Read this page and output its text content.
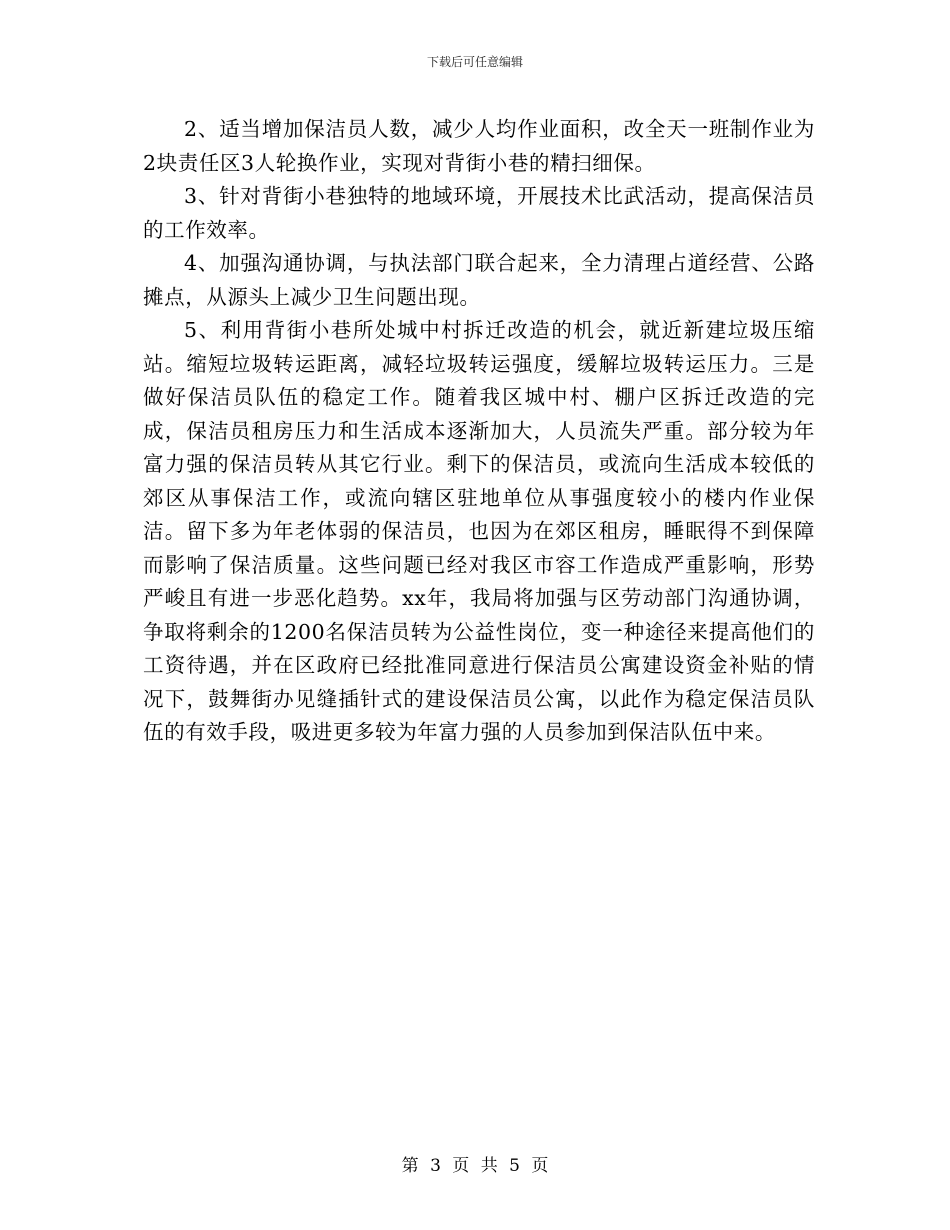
下载后可任意编辑

2、适当增加保洁员人数，减少人均作业面积，改全天一班制作业为2块责任区3人轮换作业，实现对背街小巷的精扫细保。

3、针对背街小巷独特的地域环境，开展技术比武活动，提高保洁员的工作效率。

4、加强沟通协调，与执法部门联合起来，全力清理占道经营、公路摊点，从源头上减少卫生问题出现。

5、利用背街小巷所处城中村拆迁改造的机会，就近新建垃圾压缩站。缩短垃圾转运距离，减轻垃圾转运强度，缓解垃圾转运压力。三是做好保洁员队伍的稳定工作。随着我区城中村、棚户区拆迁改造的完成，保洁员租房压力和生活成本逐渐加大，人员流失严重。部分较为年富力强的保洁员转从其它行业。剩下的保洁员，或流向生活成本较低的郊区从事保洁工作，或流向辖区驻地单位从事强度较小的楼内作业保洁。留下多为年老体弱的保洁员，也因为在郊区租房，睡眠得不到保障而影响了保洁质量。这些问题已经对我区市容工作造成严重影响，形势严峻且有进一步恶化趋势。xx年，我局将加强与区劳动部门沟通协调，争取将剩余的1200名保洁员转为公益性岗位，变一种途径来提高他们的工资待遇，并在区政府已经批准同意进行保洁员公寓建设资金补贴的情况下，鼓舞街办见缝插针式的建设保洁员公寓，以此作为稳定保洁员队伍的有效手段，吸进更多较为年富力强的人员参加到保洁队伍中来。

第 3 页 共 5 页
